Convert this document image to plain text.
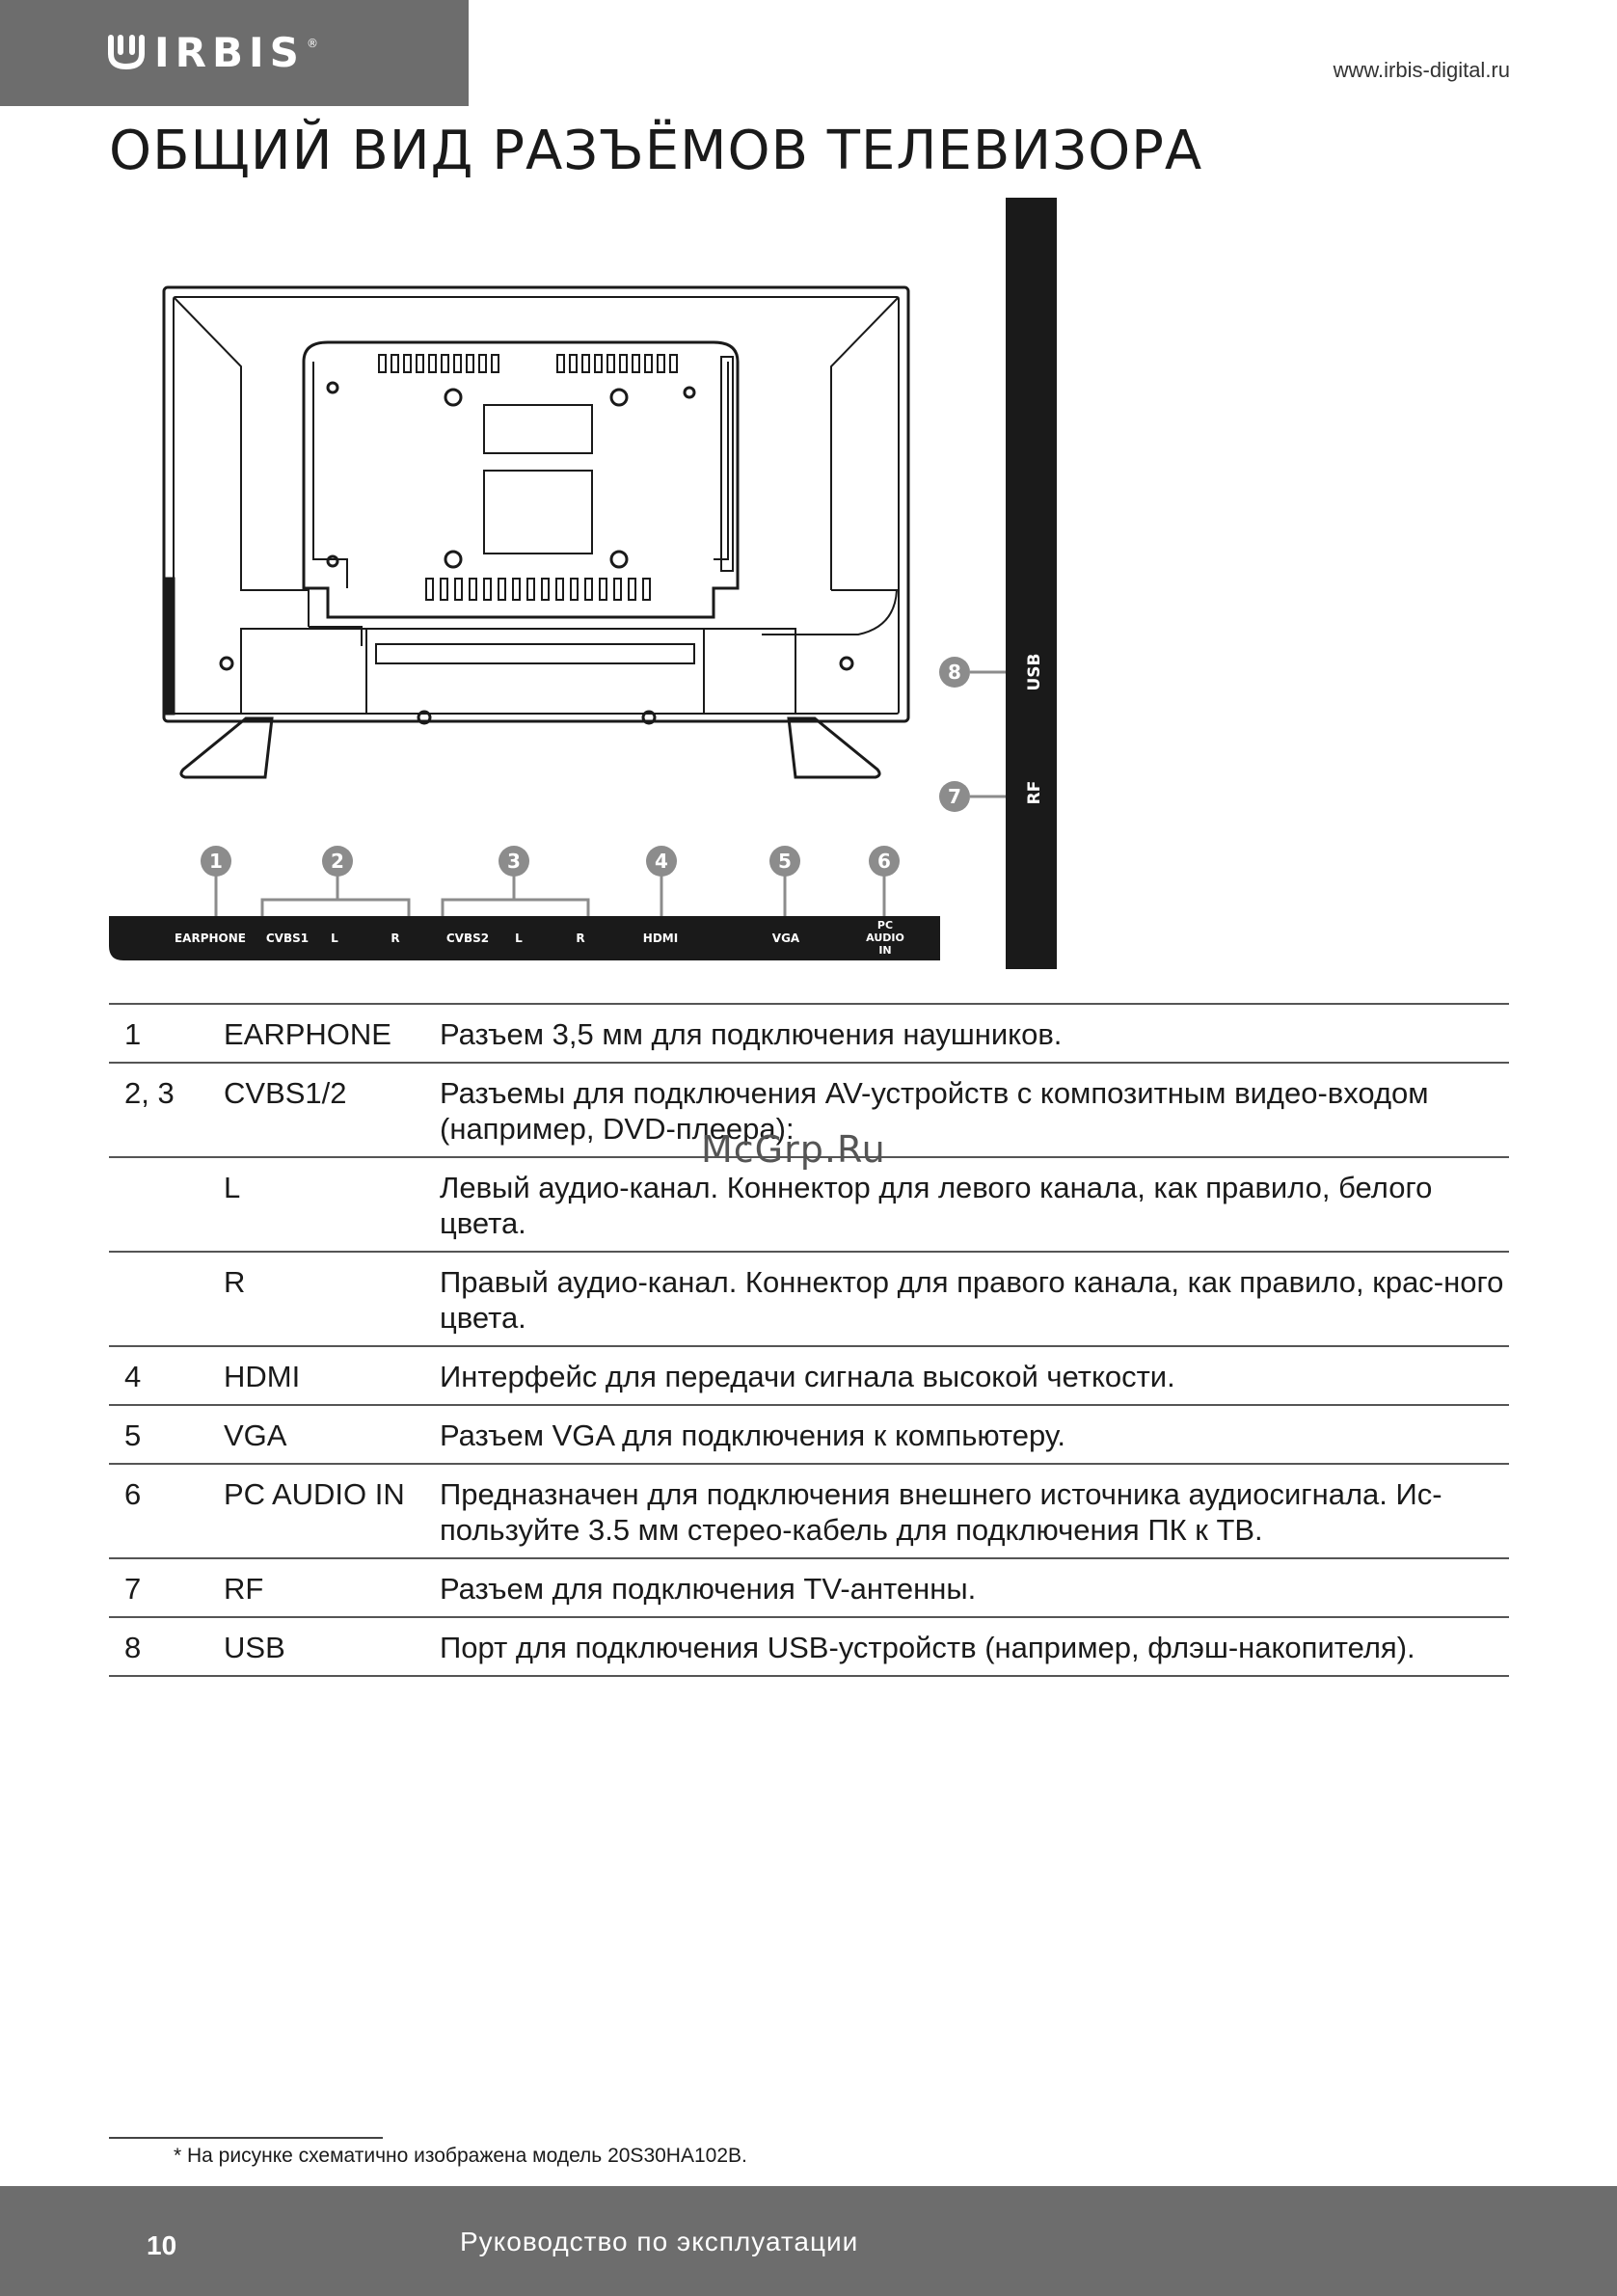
IRBIS ®
www.irbis-digital.ru
ОБЩИЙ ВИД РАЗЪЁМОВ ТЕЛЕВИЗОРА
USB
RF
8
7
1	2	3	4	5	6
EARPHONE CVBS1 L	R	CVBS2 L	R	HDMI	VGA
PC
AUDIO
IN
1	EARPHONE	Разъем 3,5 мм для подключения наушников.
2, 3	CVBS1/2	Разъемы для подключения AV-устройств с композитным видео-входом (например, DVD-плеера):
	L	Левый аудио-канал. Коннектор для левого канала, как правило, белого цвета.
	R	Правый аудио-канал. Коннектор для правого канала, как правило, крас-ного цвета.
4	HDMI	Интерфейс для передачи сигнала высокой четкости.
5	VGA	Разъем VGA для подключения к компьютеру.
6	PC AUDIO IN	Предназначен для подключения внешнего источника аудиосигнала. Ис-пользуйте 3.5 мм стерео-кабель для подключения ПК к ТВ.
7	RF	Разъем для подключения TV-антенны.
8	USB	Порт для подключения USB-устройств (например, флэш-накопителя).
McGrp.Ru
* На рисунке схематично изображена модель 20S30HA102B.
10	Руководство по эксплуатации
